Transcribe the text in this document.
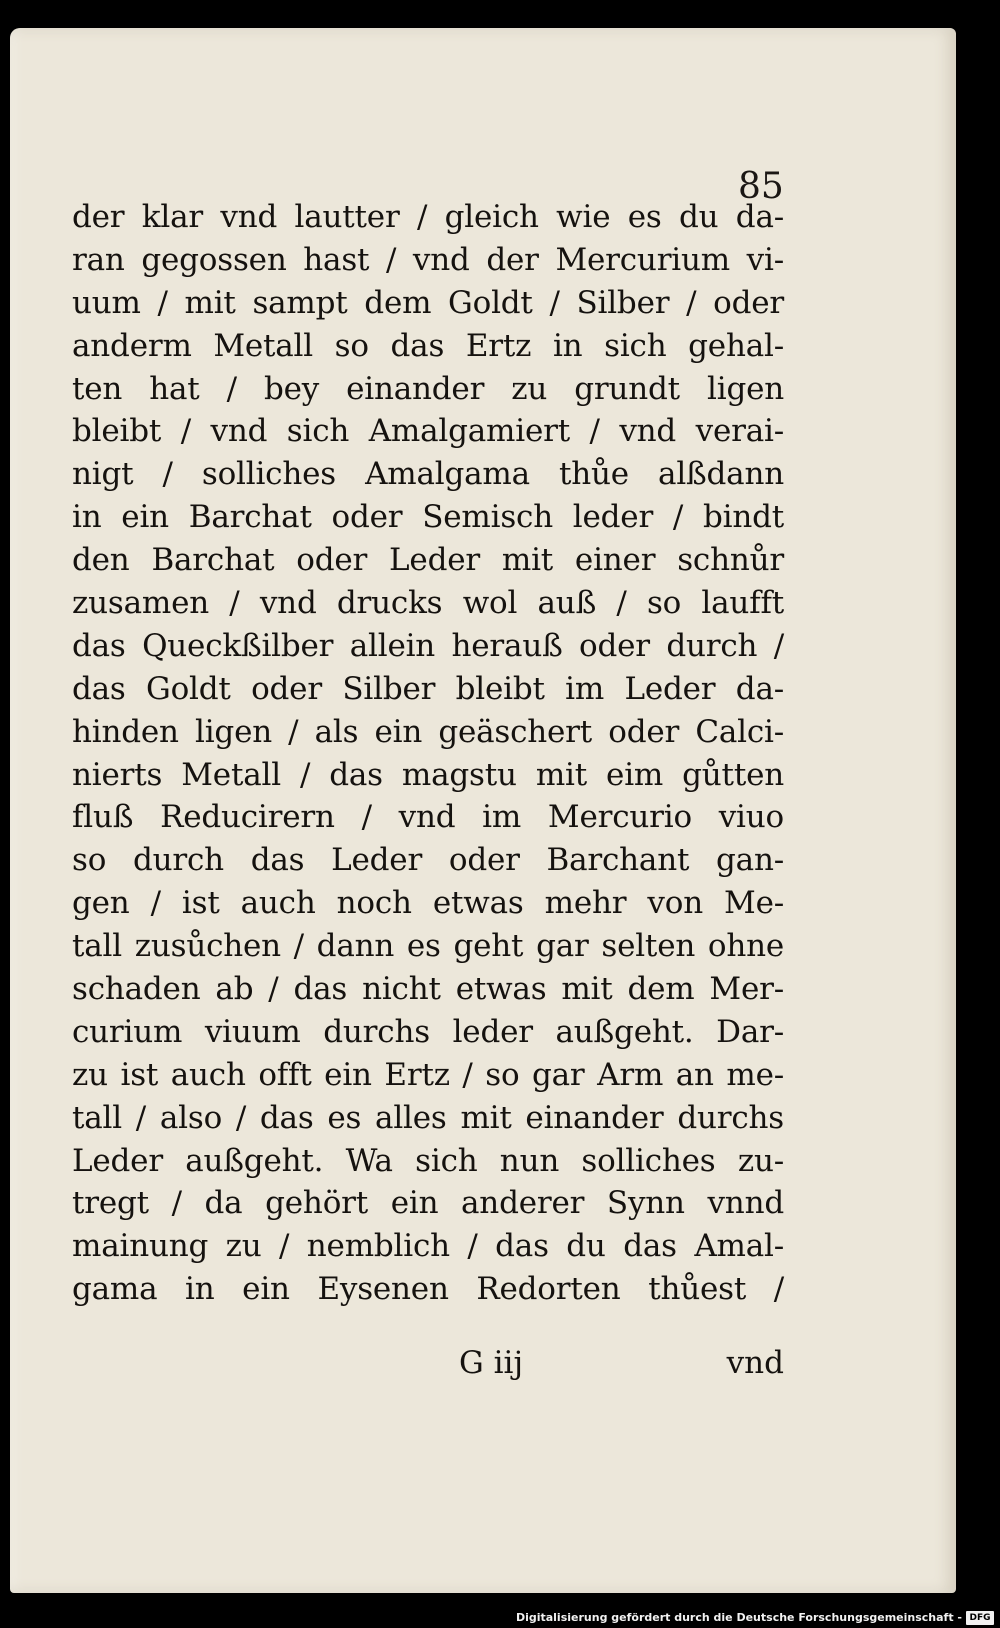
85
der klar vnd lautter / gleich wie es du da-
ran gegossen hast / vnd der Mercurium vi-
uum / mit sampt dem Goldt / Silber / oder
anderm Metall so das Ertz in sich gehal-
ten hat / bey einander zu grundt ligen
bleibt / vnd sich Amalgamiert / vnd verai-
nigt / solliches Amalgama thůe alßdann
in ein Barchat oder Semisch leder / bindt
den Barchat oder Leder mit einer schnůr
zusamen / vnd drucks wol auß / so laufft
das Queckßilber allein herauß oder durch /
das Goldt oder Silber bleibt im Leder da-
hinden ligen / als ein geäschert oder Calci-
nierts Metall / das magstu mit eim gůtten
fluß Reducirern / vnd im Mercurio viuo
so durch das Leder oder Barchant gan-
gen / ist auch noch etwas mehr von Me-
tall zusůchen / dann es geht gar selten ohne
schaden ab / das nicht etwas mit dem Mer-
curium viuum durchs leder außgeht. Dar-
zu ist auch offt ein Ertz / so gar Arm an me-
tall / also / das es alles mit einander durchs
Leder außgeht. Wa sich nun solliches zu-
tregt / da gehört ein anderer Synn vnnd
mainung zu / nemblich / das du das Amal-
gama in ein Eysenen Redorten thůest /
G iij	vnd
Digitalisierung gefördert durch die Deutsche Forschungsgemeinschaft - DFG
